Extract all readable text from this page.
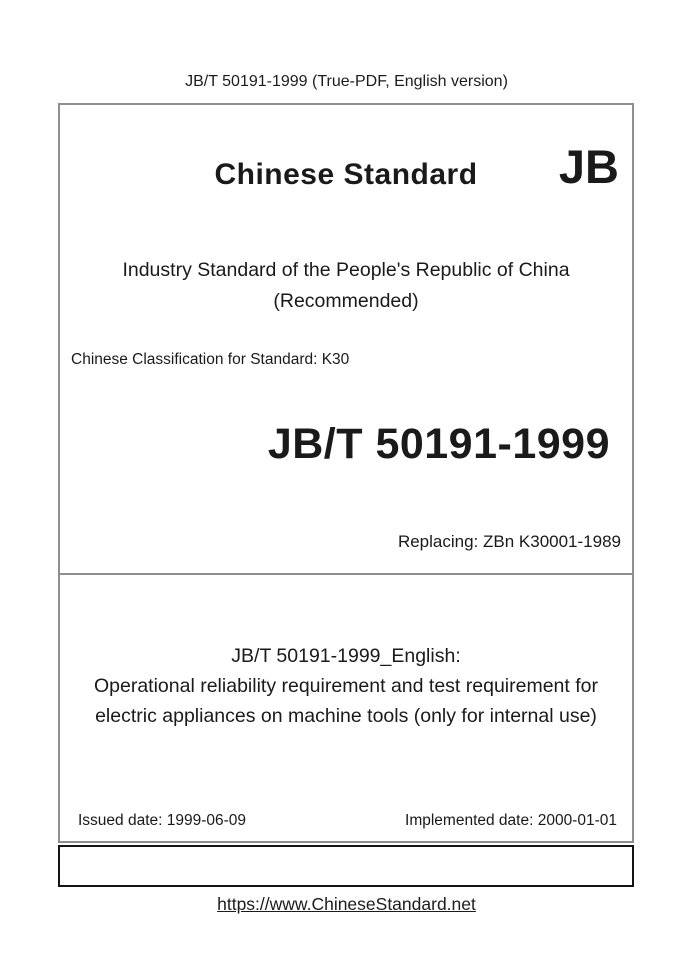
JB/T 50191-1999 (True-PDF, English version)
Chinese Standard	JB
Industry Standard of the People's Republic of China
(Recommended)
Chinese Classification for Standard: K30
JB/T 50191-1999
Replacing: ZBn K30001-1989
JB/T 50191-1999_English:
Operational reliability requirement and test requirement for
electric appliances on machine tools (only for internal use)
Issued date: 1999-06-09	Implemented date: 2000-01-01
https://www.ChineseStandard.net
